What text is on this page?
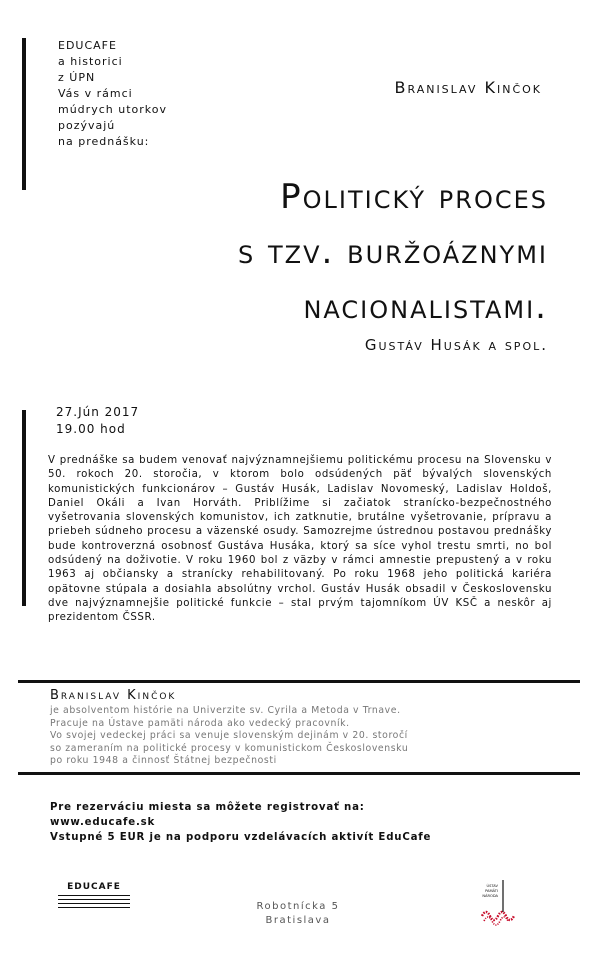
EDUCAFE
a historici
z ÚPN
Vás v rámci
múdrych utorkov
pozývajú
na prednášku:
Branislav Kinčok
Politický proces
s tzv. buržoáznymi
nacionalistami.
Gustáv Husák a spol.
27.Jún 2017
19.00 hod
V prednáške sa budem venovať najvýznamnejšiemu politickému procesu na Slovensku v 50. rokoch 20. storočia, v ktorom bolo odsúdených päť bývalých slovenských komunistických funkcionárov – Gustáv Husák, Ladislav Novomeský, Ladislav Holdoš, Daniel Okáli a Ivan Horváth. Priblížime si začiatok stranícko-bezpečnostného vyšetrovania slovenských komunistov, ich zatknutie, brutálne vyšetrovanie, prípravu a priebeh súdneho procesu a väzenské osudy. Samozrejme ústrednou postavou prednášky bude kontroverzná osobnosť Gustáva Husáka, ktorý sa síce vyhol trestu smrti, no bol odsúdený na doživotie. V roku 1960 bol z väzby v rámci amnestie prepustený a v roku 1963 aj občiansky a stranícky rehabilitovaný. Po roku 1968 jeho politická kariéra opätovne stúpala a dosiahla absolútny vrchol. Gustáv Husák obsadil v Československu dve najvýznamnejšie politické funkcie – stal prvým tajomníkom ÚV KSČ a neskôr aj prezidentom ČSSR.
Branislav Kinčok
je absolventom histórie na Univerzite sv. Cyrila a Metoda v Trnave.
Pracuje na Ústave pamäti národa ako vedecký pracovník.
Vo svojej vedeckej práci sa venuje slovenským dejinám v 20. storočí
so zameraním na politické procesy v komunistickom Československu
po roku 1948 a činnosť Štátnej bezpečnosti
Pre rezerváciu miesta sa môžete registrovať na:
www.educafe.sk
Vstupné 5 EUR je na podporu vzdelávacích aktivít EduCafe
EDUCAFE
Robotnícka 5
Bratislava
ÚSTAV
PAMÄTI
NÁRODA
